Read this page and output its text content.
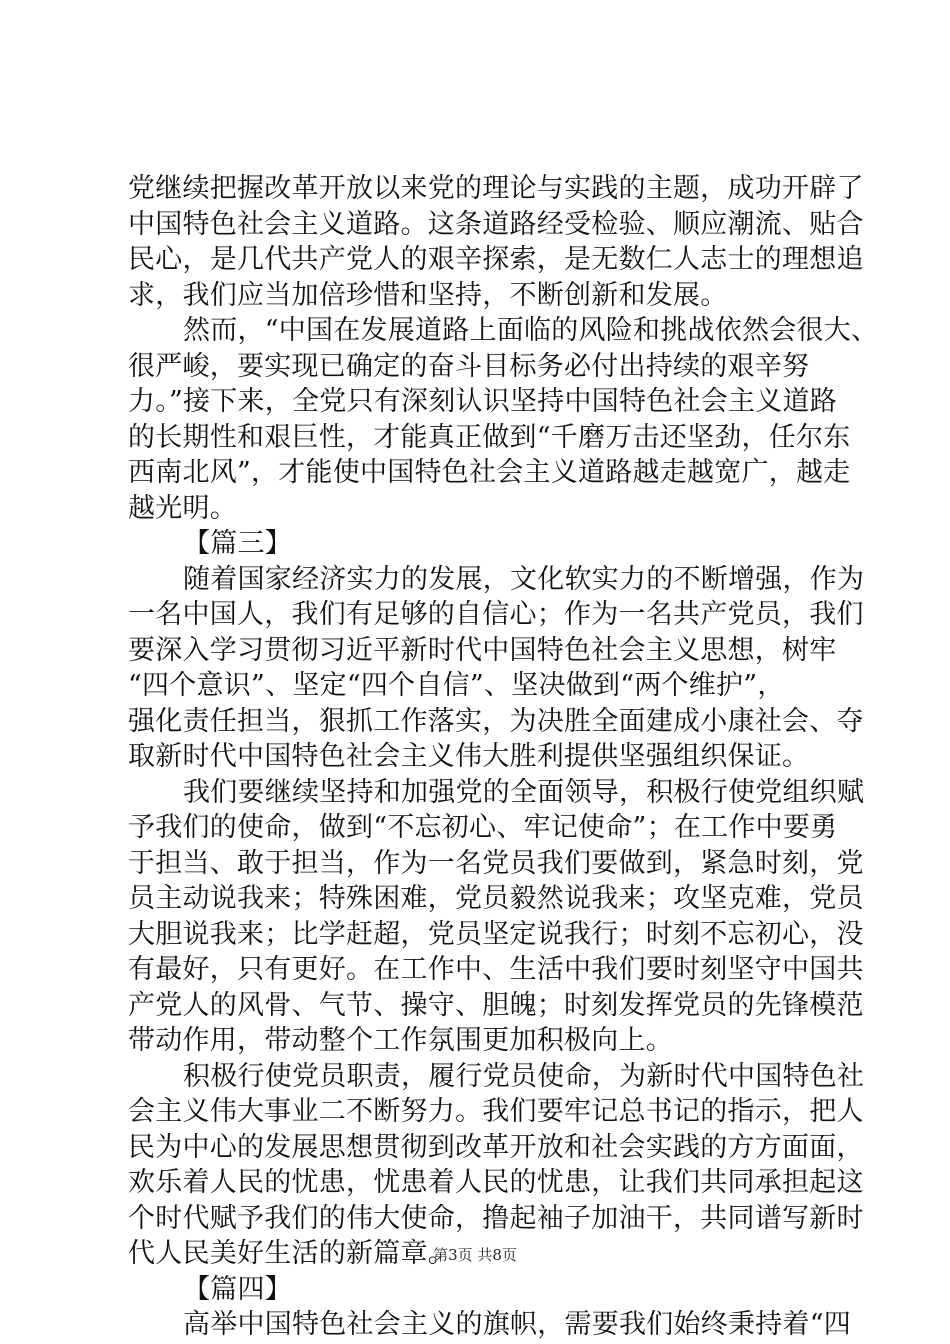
党继续把握改革开放以来党的理论与实践的主题，成功开辟了
中国特色社会主义道路。这条道路经受检验、顺应潮流、贴合
民心，是几代共产党人的艰辛探索，是无数仁人志士的理想追
求，我们应当加倍珍惜和坚持，不断创新和发展。
然而，“中国在发展道路上面临的风险和挑战依然会很大、
很严峻，要实现已确定的奋斗目标务必付出持续的艰辛努
力。”接下来，全党只有深刻认识坚持中国特色社会主义道路
的长期性和艰巨性，才能真正做到“千磨万击还坚劲，任尔东
西南北风”，才能使中国特色社会主义道路越走越宽广，越走
越光明。
【篇三】
随着国家经济实力的发展，文化软实力的不断增强，作为
一名中国人，我们有足够的自信心；作为一名共产党员，我们
要深入学习贯彻习近平新时代中国特色社会主义思想，树牢
“四个意识”、坚定“四个自信”、坚决做到“两个维护”，
强化责任担当，狠抓工作落实，为决胜全面建成小康社会、夺
取新时代中国特色社会主义伟大胜利提供坚强组织保证。
我们要继续坚持和加强党的全面领导，积极行使党组织赋
予我们的使命，做到“不忘初心、牢记使命”；在工作中要勇
于担当、敢于担当，作为一名党员我们要做到，紧急时刻，党
员主动说我来；特殊困难，党员毅然说我来；攻坚克难，党员
大胆说我来；比学赶超，党员坚定说我行；时刻不忘初心，没
有最好，只有更好。在工作中、生活中我们要时刻坚守中国共
产党人的风骨、气节、操守、胆魄；时刻发挥党员的先锋模范
带动作用，带动整个工作氛围更加积极向上。
积极行使党员职责，履行党员使命，为新时代中国特色社
会主义伟大事业二不断努力。我们要牢记总书记的指示，把人
民为中心的发展思想贯彻到改革开放和社会实践的方方面面，
欢乐着人民的忧患，忧患着人民的忧患，让我们共同承担起这
个时代赋予我们的伟大使命，撸起袖子加油干，共同谱写新时
代人民美好生活的新篇章。
【篇四】
高举中国特色社会主义的旗帜，需要我们始终秉持着“四
第3页 共8页
